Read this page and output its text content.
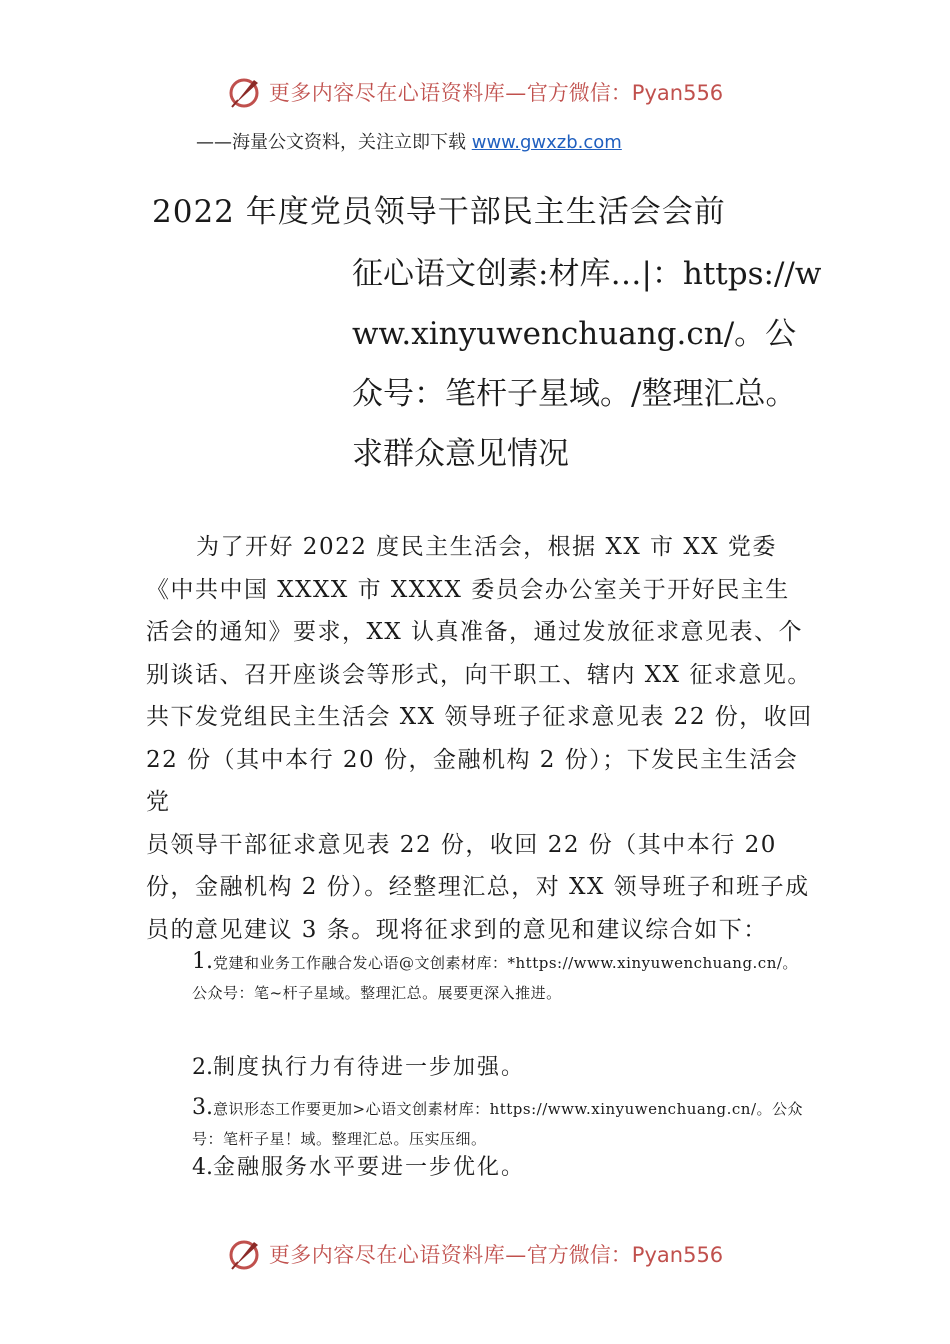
更多内容尽在心语资料库— 官方微信：Pyan556
——海量公文资料，关注立即下载 www.gwxzb.com
2022 年度党员领导干部民主生活会会前
征心语文创素:材库…|：https://www.xinyuwenchuang.cn/。公众号：笔杆子星域。/整理汇总。求群众意见情况

为了开好 2022 度民主生活会，根据 XX 市 XX 党委《中共中国 XXXX 市 XXXX 委员会办公室关于开好民主生活会的通知》要求，XX 认真准备，通过发放征求意见表、个别谈话、召开座谈会等形式，向干职工、辖内 XX 征求意见。共下发党组民主生活会 XX 领导班子征求意见表 22 份，收回 22 份（其中本行 20 份，金融机构 2 份）；下发民主生活会党

员领导干部征求意见表 22 份，收回 22 份（其中本行 20 份，金融机构 2 份）。经整理汇总，对 XX 领导班子和班子成员的意见建议 3 条。现将征求到的意见和建议综合如下：

1.党建和业务工作融合发心语@文创素材库：*https://www.xinyuwenchuang.cn/。公众号：笔~杆子星域。整理汇总。展要更深入推进。
2.制度执行力有待进一步加强。
3.意识形态工作要更加>心语文创素材库：https://www.xinyuwenchuang.cn/。公众号：笔杆子星！域。整理汇总。压实压细。
4.金融服务水平要进一步优化。
更多内容尽在心语资料库— 官方微信：Pyan556
